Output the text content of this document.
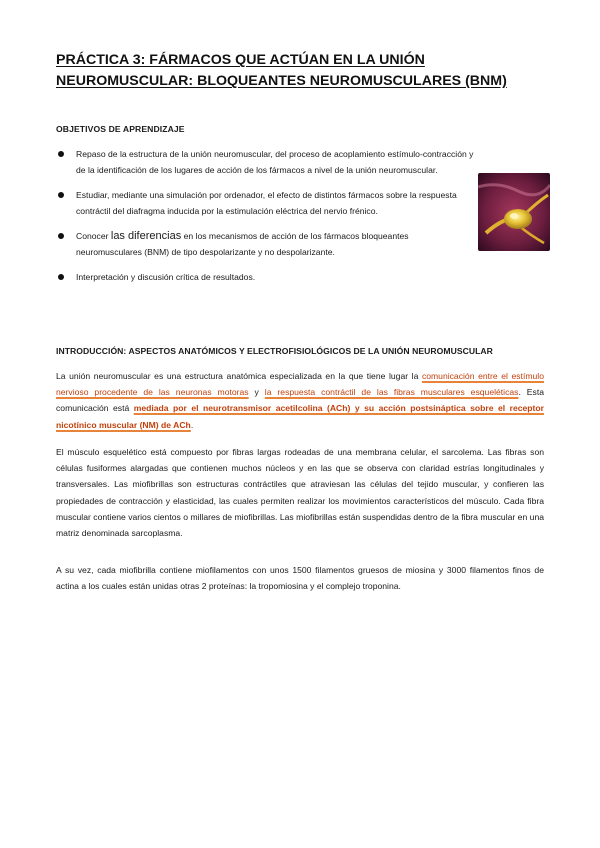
PRÁCTICA 3: FÁRMACOS QUE ACTÚAN EN LA UNIÓN
NEUROMUSCULAR: BLOQUEANTES NEUROMUSCULARES (BNM)
OBJETIVOS DE APRENDIZAJE
Repaso de la estructura de la unión neuromuscular, del proceso de acoplamiento estímulo-contracción y de la identificación de los lugares de acción de los fármacos a nivel de la unión neuromuscular.
Estudiar, mediante una simulación por ordenador, el efecto de distintos fármacos sobre la respuesta contráctil del diafragma inducida por la estimulación eléctrica del nervio frénico.
Conocer las diferencias en los mecanismos de acción de los fármacos bloqueantes neuromusculares (BNM) de tipo despolarizante y no despolarizante.
Interpretación y discusión crítica de resultados.
INTRODUCCIÓN: ASPECTOS ANATÓMICOS Y ELECTROFISIOLÓGICOS DE LA UNIÓN NEUROMUSCULAR

La unión neuromuscular es una estructura anatómica especializada en la que tiene lugar la comunicación entre el estímulo nervioso procedente de las neuronas motoras y la respuesta contráctil de las fibras musculares esqueléticas. Esta comunicación está mediada por el neurotransmisor acetilcolina (ACh) y su acción postsináptica sobre el receptor nicotínico muscular (NM) de ACh.

El músculo esquelético está compuesto por fibras largas rodeadas de una membrana celular, el sarcolema. Las fibras son células fusiformes alargadas que contienen muchos núcleos y en las que se observa con claridad estrías longitudinales y transversales. Las miofibrillas son estructuras contráctiles que atraviesan las células del tejido muscular, y confieren las propiedades de contracción y elasticidad, las cuales permiten realizar los movimientos característicos del músculo. Cada fibra muscular contiene varios cientos o millares de miofibrillas. Las miofibrillas están suspendidas dentro de la fibra muscular en una matriz denominada sarcoplasma.

A su vez, cada miofibrilla contiene miofilamentos con unos 1500 filamentos gruesos de miosina y 3000 filamentos finos de actina a los cuales están unidas otras 2 proteínas: la tropomiosina y el complejo troponina.
